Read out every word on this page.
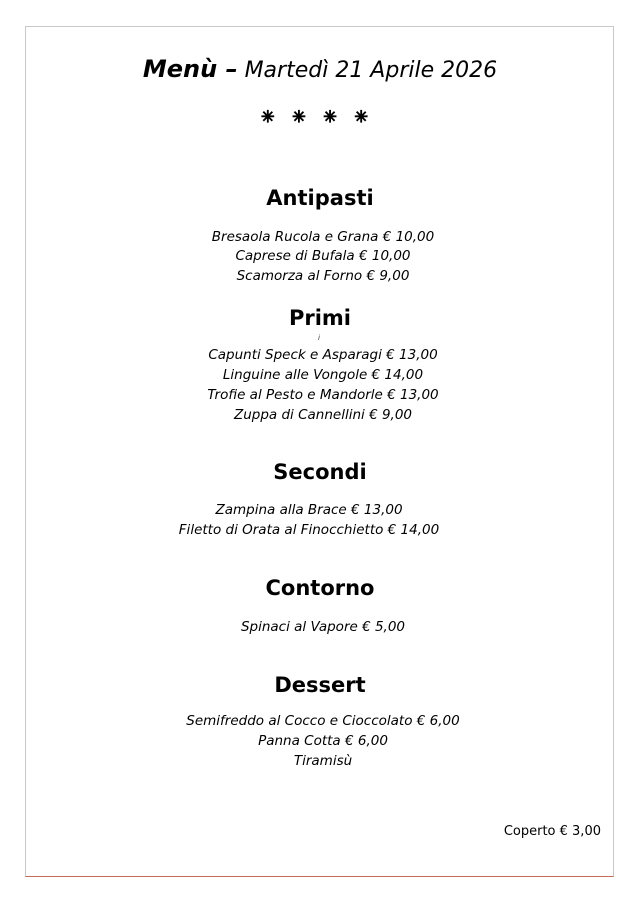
Menù – Martedì 21 Aprile 2026
⁕⁕⁕⁕
Antipasti
Bresaola Rucola e Grana € 10,00
Caprese di Bufala € 10,00
Scamorza al Forno € 9,00
Primi
i
Capunti Speck e Asparagi € 13,00
Linguine alle Vongole € 14,00
Trofie al Pesto e Mandorle € 13,00
Zuppa di Cannellini € 9,00
Secondi
Zampina alla Brace € 13,00
Filetto di Orata al Finocchietto € 14,00
Contorno
Spinaci al Vapore € 5,00
Dessert
Semifreddo al Cocco e Cioccolato € 6,00
Panna Cotta € 6,00
Tiramisù
Coperto € 3,00
